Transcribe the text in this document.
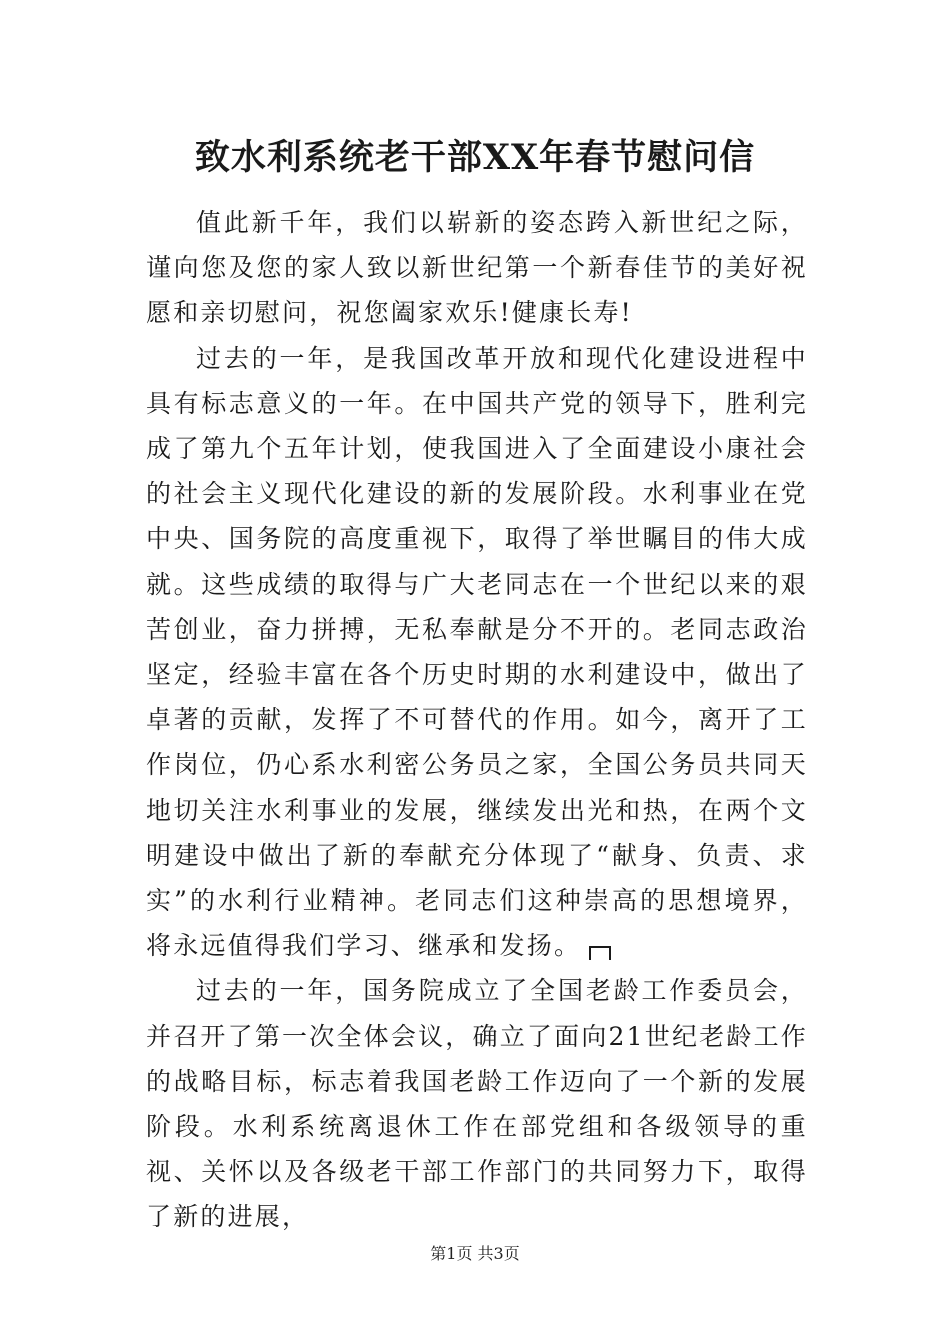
致水利系统老干部XX年春节慰问信

值此新千年，我们以崭新的姿态跨入新世纪之际，谨向您及您的家人致以新世纪第一个新春佳节的美好祝愿和亲切慰问，祝您阖家欢乐!健康长寿!

过去的一年，是我国改革开放和现代化建设进程中具有标志意义的一年。在中国共产党的领导下，胜利完成了第九个五年计划，使我国进入了全面建设小康社会的社会主义现代化建设的新的发展阶段。水利事业在党中央、国务院的高度重视下，取得了举世瞩目的伟大成就。这些成绩的取得与广大老同志在一个世纪以来的艰苦创业，奋力拼搏，无私奉献是分不开的。老同志政治坚定，经验丰富在各个历史时期的水利建设中，做出了卓著的贡献，发挥了不可替代的作用。如今，离开了工作岗位，仍心系水利密公务员之家，全国公务员共同天地切关注水利事业的发展，继续发出光和热，在两个文明建设中做出了新的奉献充分体现了“献身、负责、求实”的水利行业精神。老同志们这种崇高的思想境界，将永远值得我们学习、继承和发扬。

过去的一年，国务院成立了全国老龄工作委员会，并召开了第一次全体会议，确立了面向21世纪老龄工作的战略目标，标志着我国老龄工作迈向了一个新的发展阶段。水利系统离退休工作在部党组和各级领导的重视、关怀以及各级老干部工作部门的共同努力下，取得了新的进展，

第1页 共3页
